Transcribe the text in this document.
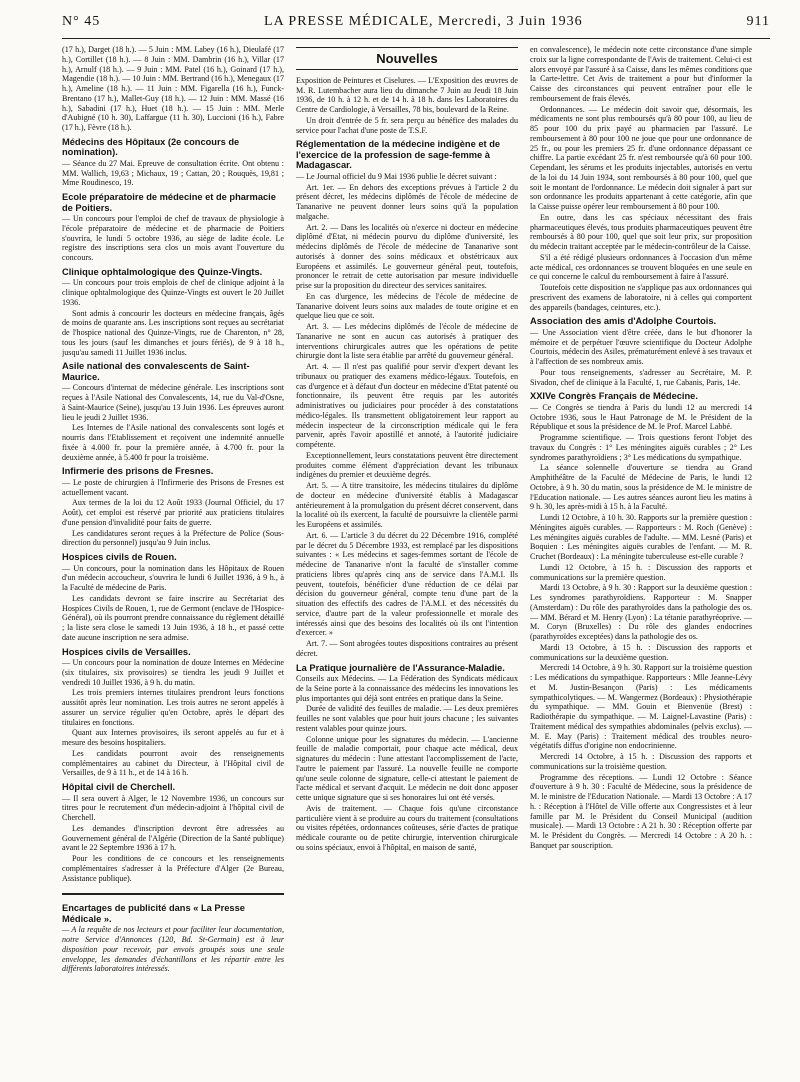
N° 45	LA PRESSE MÉDICALE, Mercredi, 3 Juin 1936	911

(17 h.), Darget (18 h.). — 5 Juin : MM. Labey (16 h.), Dieulafé (17 h.), Cortillet (18 h.). — 8 Juin : MM. Dambrin (16 h.), Villar (17 h.), Arnulf (18 h.). — 9 Juin : MM. Patel (16 h.), Goinard (17 h.), Magendie (18 h.). — 10 Juin : MM. Bertrand (16 h.), Menegaux (17 h.), Ameline (18 h.). — 11 Juin : MM. Figarella (16 h.), Funck-Brentano (17 h.), Mallet-Guy (18 h.). — 12 Juin : MM. Massé (16 h.), Sabadini (17 h.), Huet (18 h.). — 15 Juin : MM. Merle d'Aubigné (10 h. 30), Laffargue (11 h. 30), Luccioni (16 h.), Fabre (17 h.), Fèvre (18 h.).

Médecins des Hôpitaux (2e concours de nomination).

— Séance du 27 Mai. Epreuve de consultation écrite. Ont obtenu : MM. Wallich, 19,63 ; Michaux, 19 ; Cattan, 20 ; Rouquès, 19,81 ; Mme Roudinesco, 19.

Ecole préparatoire de médecine et de pharmacie de Poitiers.

— Un concours pour l'emploi de chef de travaux de physiologie à l'école préparatoire de médecine et de pharmacie de Poitiers s'ouvrira, le lundi 5 octobre 1936, au siège de ladite école. Le registre des inscriptions sera clos un mois avant l'ouverture du concours.

Clinique ophtalmologique des Quinze-Vingts.

— Un concours pour trois emplois de chef de clinique adjoint à la clinique ophtalmologique des Quinze-Vingts est ouvert le 20 Juillet 1936.

Sont admis à concourir les docteurs en médecine français, âgés de moins de quarante ans. Les inscriptions sont reçues au secrétariat de l'hospice national des Quinze-Vingts, rue de Charenton, n° 28, tous les jours (sauf les dimanches et jours fériés), de 9 à 18 h., jusqu'au samedi 11 Juillet 1936 inclus.

Asile national des convalescents de Saint-Maurice.

— Concours d'internat de médecine générale. Les inscriptions sont reçues à l'Asile National des Convalescents, 14, rue du Val-d'Osne, à Saint-Maurice (Seine), jusqu'au 13 Juin 1936. Les épreuves auront lieu le jeudi 2 Juillet 1936.

Les Internes de l'Asile national des convalescents sont logés et nourris dans l'Etablissement et reçoivent une indemnité annuelle fixée à 4.000 fr. pour la première année, à 4.700 fr. pour la deuxième année, à 5.400 fr pour la troisième.

Infirmerie des prisons de Fresnes.

— Le poste de chirurgien à l'Infirmerie des Prisons de Fresnes est actuellement vacant.

Aux termes de la loi du 12 Août 1933 (Journal Officiel, du 17 Août), cet emploi est réservé par priorité aux praticiens titulaires d'une pension d'invalidité pour faits de guerre.

Les candidatures seront reçues à la Préfecture de Police (Sous-direction du personnel) jusqu'au 9 Juin inclus.

Hospices civils de Rouen.

— Un concours, pour la nomination dans les Hôpitaux de Rouen d'un médecin accoucheur, s'ouvrira le lundi 6 Juillet 1936, à 9 h., à la Faculté de médecine de Paris.

Les candidats devront se faire inscrire au Secrétariat des Hospices Civils de Rouen, 1, rue de Germont (enclave de l'Hospice-Général), où ils pourront prendre connaissance du règlement détaillé ; la liste sera close le samedi 13 Juin 1936, à 18 h., et passé cette date aucune inscription ne sera admise.

Hospices civils de Versailles.

— Un concours pour la nomination de douze Internes en Médecine (six titulaires, six provisoires) se tiendra les jeudi 9 Juillet et vendredi 10 Juillet 1936, à 9 h. du matin.

Les trois premiers internes titulaires prendront leurs fonctions aussitôt après leur nomination. Les trois autres ne seront appelés à assurer un service régulier qu'en Octobre, après le départ des titulaires en fonctions.

Quant aux Internes provisoires, ils seront appelés au fur et à mesure des besoins hospitaliers.

Les candidats pourront avoir des renseignements complémentaires au cabinet du Directeur, à l'Hôpital civil de Versailles, de 9 à 11 h., et de 14 à 16 h.

Hôpital civil de Cherchell.

— Il sera ouvert à Alger, le 12 Novembre 1936, un concours sur titres pour le recrutement d'un médecin-adjoint à l'hôpital civil de Cherchell.

Les demandes d'inscription devront être adressées au Gouvernement général de l'Algérie (Direction de la Santé publique) avant le 22 Septembre 1936 à 17 h.

Pour les conditions de ce concours et les renseignements complémentaires s'adresser à la Préfecture d'Alger (2e Bureau, Assistance publique).

Encartages de publicité dans « La Presse Médicale ».

— A la requête de nos lecteurs et pour faciliter leur documentation, notre Service d'Annonces (120, Bd. St-Germain) est à leur disposition pour recevoir, par envois groupés sous une seule enveloppe, les demandes d'échantillons et les répartir entre les différents laboratoires intéressés.

Nouvelles

Exposition de Peintures et Ciselures. — L'Exposition des œuvres de M. R. Lutembacher aura lieu du dimanche 7 Juin au Jeudi 18 Juin 1936, de 10 h. à 12 h. et de 14 h. à 18 h. dans les Laboratoires du Centre de Cardiologie, à Versailles, 78 bis, boulevard de la Reine.

Un droit d'entrée de 5 fr. sera perçu au bénéfice des malades du service pour l'achat d'une poste de T.S.F.

Réglementation de la médecine indigène et de l'exercice de la profession de sage-femme à Madagascar.

— Le Journal officiel du 9 Mai 1936 publie le décret suivant :

Art. 1er. — En dehors des exceptions prévues à l'article 2 du présent décret, les médecins diplômés de l'école de médecine de Tananarive ne peuvent donner leurs soins qu'à la population malgache.

Art. 2. — Dans les localités où n'exerce ni docteur en médecine diplômé d'Etat, ni médecin pourvu du diplôme d'université, les médecins diplômés de l'école de médecine de Tananarive sont autorisés à donner des soins médicaux et obstétricaux aux Européens et assimilés. Le gouverneur général peut, toutefois, prononcer le retrait de cette autorisation par mesure individuelle prise sur la proposition du directeur des services sanitaires.

En cas d'urgence, les médecins de l'école de médecine de Tananarive doivent leurs soins aux malades de toute origine et en quelque lieu que ce soit.

Art. 3. — Les médecins diplômés de l'école de médecine de Tananarive ne sont en aucun cas autorisés à pratiquer des interventions chirurgicales autres que les opérations de petite chirurgie dont la liste sera établie par arrêté du gouverneur général.

Art. 4. — Il n'est pas qualifié pour servir d'expert devant les tribunaux ou pratiquer des examens médico-légaux. Toutefois, en cas d'urgence et à défaut d'un docteur en médecine d'Etat patenté ou fonctionnaire, ils peuvent être requis par les autorités administratives ou judiciaires pour procéder à des constatations médico-légales. Ils transmettent obligatoirement leur rapport au médecin inspecteur de la circonscription médicale qui le fera parvenir, après l'avoir apostillé et annoté, à l'autorité judiciaire compétente.

Exceptionnellement, leurs constatations peuvent être directement produites comme élément d'appréciation devant les tribunaux indigènes du premier et deuxième degrés.

Art. 5. — A titre transitoire, les médecins titulaires du diplôme de docteur en médecine d'université établis à Madagascar antérieurement à la promulgation du présent décret conservent, dans la localité où ils exercent, la faculté de poursuivre la clientèle parmi les Européens et assimilés.

Art. 6. — L'article 3 du décret du 22 Décembre 1916, complété par le décret du 5 Décembre 1933, est remplacé par les dispositions suivantes : « Les médecins et sages-femmes sortant de l'école de médecine de Tananarive n'ont la faculté de s'installer comme praticiens libres qu'après cinq ans de service dans l'A.M.I. Ils peuvent, toutefois, bénéficier d'une réduction de ce délai par décision du gouverneur général, compte tenu d'une part de la situation des effectifs des cadres de l'A.M.I. et des nécessités du service, d'autre part de la valeur professionnelle et morale des intéressés ainsi que des besoins des localités où ils ont l'intention d'exercer. »

Art. 7. — Sont abrogées toutes dispositions contraires au présent décret.

La Pratique journalière de l'Assurance-Maladie.

Conseils aux Médecins. — La Fédération des Syndicats médicaux de la Seine porte à la connaissance des médecins les innovations les plus importantes qui déjà sont entrées en pratique dans la Seine.

Durée de validité des feuilles de maladie. — Les deux premières feuilles ne sont valables que pour huit jours chacune ; les suivantes restent valables pour quinze jours.

Colonne unique pour les signatures du médecin. — L'ancienne feuille de maladie comportait, pour chaque acte médical, deux signatures du médecin : l'une attestant l'accomplissement de l'acte, l'autre le paiement par l'assuré. La nouvelle feuille ne comporte qu'une seule colonne de signature, celle-ci attestant le paiement de l'acte médical et servant d'acquit. Le médecin ne doit donc apposer cette unique signature que si ses honoraires lui ont été versés.

Avis de traitement. — Chaque fois qu'une circonstance particulière vient à se produire au cours du traitement (consultations ou visites répétées, ordonnances coûteuses, série d'actes de pratique médicale courante ou de petite chirurgie, intervention chirurgicale ou soins spéciaux, envoi à l'hôpital, en maison de santé,

en convalescence), le médecin note cette circonstance d'une simple croix sur la ligne correspondante de l'Avis de traitement. Celui-ci est alors envoyé par l'assuré à sa Caisse, dans les mêmes conditions que la Carte-lettre. Cet Avis de traitement a pour but d'informer la Caisse des circonstances qui peuvent entraîner pour elle le remboursement de frais élevés.

Ordonnances. — Le médecin doit savoir que, désormais, les médicaments ne sont plus remboursés qu'à 80 pour 100, au lieu de 85 pour 100 du prix payé au pharmacien par l'assuré. Le remboursement à 80 pour 100 ne joue que pour une ordonnance de 25 fr., ou pour les premiers 25 fr. d'une ordonnance dépassant ce chiffre. La partie excédant 25 fr. n'est remboursée qu'à 60 pour 100. Cependant, les sérums et les produits injectables, autorisés en vertu de la loi du 14 Juin 1934, sont remboursés à 80 pour 100, quel que soit le montant de l'ordonnance. Le médecin doit signaler à part sur son ordonnance les produits appartenant à cette catégorie, afin que la Caisse puisse opérer leur remboursement à 80 pour 100.

En outre, dans les cas spéciaux nécessitant des frais pharmaceutiques élevés, tous produits pharmaceutiques peuvent être remboursés à 80 pour 100, quel que soit leur prix, sur proposition du médecin traitant acceptée par le médecin-contrôleur de la Caisse.

S'il a été rédigé plusieurs ordonnances à l'occasion d'un même acte médical, ces ordonnances se trouvent bloquées en une seule en ce qui concerne le calcul du remboursement à faire à l'assuré.

Toutefois cette disposition ne s'applique pas aux ordonnances qui prescrivent des examens de laboratoire, ni à celles qui comportent des appareils (bandages, ceintures, etc.).

Association des amis d'Adolphe Courtois.

— Une Association vient d'être créée, dans le but d'honorer la mémoire et de perpétuer l'œuvre scientifique du Docteur Adolphe Courtois, médecin des Asiles, prématurément enlevé à ses travaux et à l'affection de ses nombreux amis.

Pour tous renseignements, s'adresser au Secrétaire, M. P. Sivadon, chef de clinique à la Faculté, 1, rue Cabanis, Paris, 14e.

XXIVe Congrès Français de Médecine.

— Ce Congrès se tiendra à Paris du lundi 12 au mercredi 14 Octobre 1936, sous le Haut Patronage de M. le Président de la République et sous la présidence de M. le Prof. Marcel Labbé.

Programme scientifique. — Trois questions feront l'objet des travaux du Congrès : 1° Les méningites aiguës curables ; 2° Les syndromes parathyroïdiens ; 3° Les médications du sympathique.

La séance solennelle d'ouverture se tiendra au Grand Amphithéâtre de la Faculté de Médecine de Paris, le lundi 12 Octobre, à 9 h. 30 du matin, sous la présidence de M. le ministre de l'Education nationale. — Les autres séances auront lieu les matins à 9 h. 30, les après-midi à 15 h. à la Faculté.

Lundi 12 Octobre, à 10 h. 30. Rapports sur la première question : Méningites aiguës curables. — Rapporteurs : M. Roch (Genève) : Les méningites aiguës curables de l'adulte. — MM. Lesné (Paris) et Boquien : Les méningites aiguës curables de l'enfant. — M. R. Cruchet (Bordeaux) : La méningite tuberculeuse est-elle curable ?

Lundi 12 Octobre, à 15 h. : Discussion des rapports et communications sur la première question.

Mardi 13 Octobre, à 9 h. 30 : Rapport sur la deuxième question : Les syndromes parathyroïdiens. Rapporteur : M. Snapper (Amsterdam) : Du rôle des parathyroïdes dans la pathologie des os. — MM. Bérard et M. Henry (Lyon) : La tétanie parathyréoprive. — M. Coryn (Bruxelles) : Du rôle des glandes endocrines (parathyroïdes exceptées) dans la pathologie des os.

Mardi 13 Octobre, à 15 h. : Discussion des rapports et communications sur la deuxième question.

Mercredi 14 Octobre, à 9 h. 30. Rapport sur la troisième question : Les médications du sympathique. Rapporteurs : Mlle Jeanne-Lévy et M. Justin-Besançon (Paris) : Les médicaments sympathicolytiques. — M. Wangermez (Bordeaux) : Physiothérapie du sympathique. — MM. Gouin et Bienvenüe (Brest) : Radiothérapie du sympathique. — M. Laignel-Lavastine (Paris) : Traitement médical des sympathies abdominales (pelvis exclus). — M. E. May (Paris) : Traitement médical des troubles neuro-végétatifs diffus d'origine non endocrinienne.

Mercredi 14 Octobre, à 15 h. : Discussion des rapports et communications sur la troisième question.

Programme des réceptions. — Lundi 12 Octobre : Séance d'ouverture à 9 h. 30 : Faculté de Médecine, sous la présidence de M. le ministre de l'Education Nationale. — Mardi 13 Octobre : A 17 h. : Réception à l'Hôtel de Ville offerte aux Congressistes et à leur famille par M. le Président du Conseil Municipal (audition musicale). — Mardi 13 Octobre : A 21 h. 30 : Réception offerte par M. le Président du Congrès. — Mercredi 14 Octobre : A 20 h. : Banquet par souscription.
